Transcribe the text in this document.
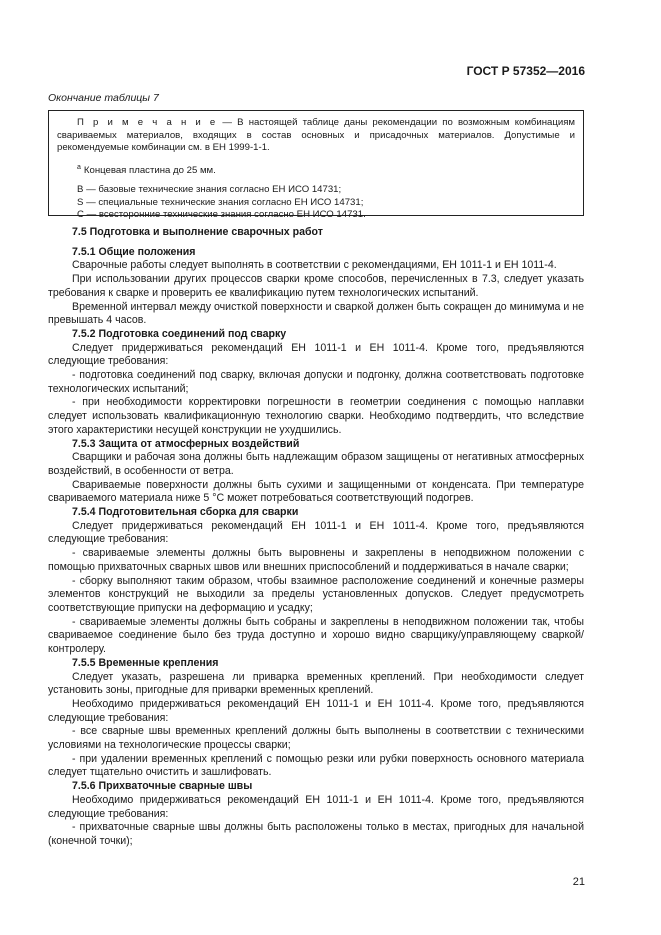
ГОСТ Р 57352—2016
Окончание таблицы 7

П р и м е ч а н и е — В настоящей таблице даны рекомендации по возможным комбинациям свариваемых материалов, входящих в состав основных и присадочных материалов. Допустимые и рекомендуемые комбинации см. в ЕН 1999-1-1.

$^a$ Концевая пластина до 25 мм.

B — базовые технические знания согласно ЕН ИСО 14731;

S — специальные технические знания согласно ЕН ИСО 14731;

C — всесторонние технические знания согласно ЕН ИСО 14731.

7.5 Подготовка и выполнение сварочных работ

7.5.1 Общие положения

Сварочные работы следует выполнять в соответствии с рекомендациями, ЕН 1011-1 и ЕН 1011-4.

При использовании других процессов сварки кроме способов, перечисленных в 7.3, следует указать требования к сварке и проверить ее квалификацию путем технологических испытаний.

Временной интервал между очисткой поверхности и сваркой должен быть сокращен до минимума и не превышать 4 часов.

7.5.2 Подготовка соединений под сварку

Следует придерживаться рекомендаций ЕН 1011-1 и ЕН 1011-4. Кроме того, предъявляются следующие требования:

- подготовка соединений под сварку, включая допуски и подгонку, должна соответствовать подготовке технологических испытаний;

- при необходимости корректировки погрешности в геометрии соединения с помощью наплавки следует использовать квалификационную технологию сварки. Необходимо подтвердить, что вследствие этого характеристики несущей конструкции не ухудшились.

7.5.3 Защита от атмосферных воздействий

Сварщики и рабочая зона должны быть надлежащим образом защищены от негативных атмосферных воздействий, в особенности от ветра.

Свариваемые поверхности должны быть сухими и защищенными от конденсата. При температуре свариваемого материала ниже 5 °С может потребоваться соответствующий подогрев.

7.5.4 Подготовительная сборка для сварки

Следует придерживаться рекомендаций ЕН 1011-1 и ЕН 1011-4. Кроме того, предъявляются следующие требования:

- свариваемые элементы должны быть выровнены и закреплены в неподвижном положении с помощью прихваточных сварных швов или внешних приспособлений и поддерживаться в начале сварки;

- сборку выполняют таким образом, чтобы взаимное расположение соединений и конечные размеры элементов конструкций не выходили за пределы установленных допусков. Следует предусмотреть соответствующие припуски на деформацию и усадку;

- свариваемые элементы должны быть собраны и закреплены в неподвижном положении так, чтобы свариваемое соединение было без труда доступно и хорошо видно сварщику/управляющему сваркой/контролеру.

7.5.5 Временные крепления

Следует указать, разрешена ли приварка временных креплений. При необходимости следует установить зоны, пригодные для приварки временных креплений.

Необходимо придерживаться рекомендаций ЕН 1011-1 и ЕН 1011-4. Кроме того, предъявляются следующие требования:

- все сварные швы временных креплений должны быть выполнены в соответствии с техническими условиями на технологические процессы сварки;

- при удалении временных креплений с помощью резки или рубки поверхность основного материала следует тщательно очистить и зашлифовать.

7.5.6 Прихваточные сварные швы

Необходимо придерживаться рекомендаций ЕН 1011-1 и ЕН 1011-4. Кроме того, предъявляются следующие требования:

- прихваточные сварные швы должны быть расположены только в местах, пригодных для начальной (конечной точки);

21
